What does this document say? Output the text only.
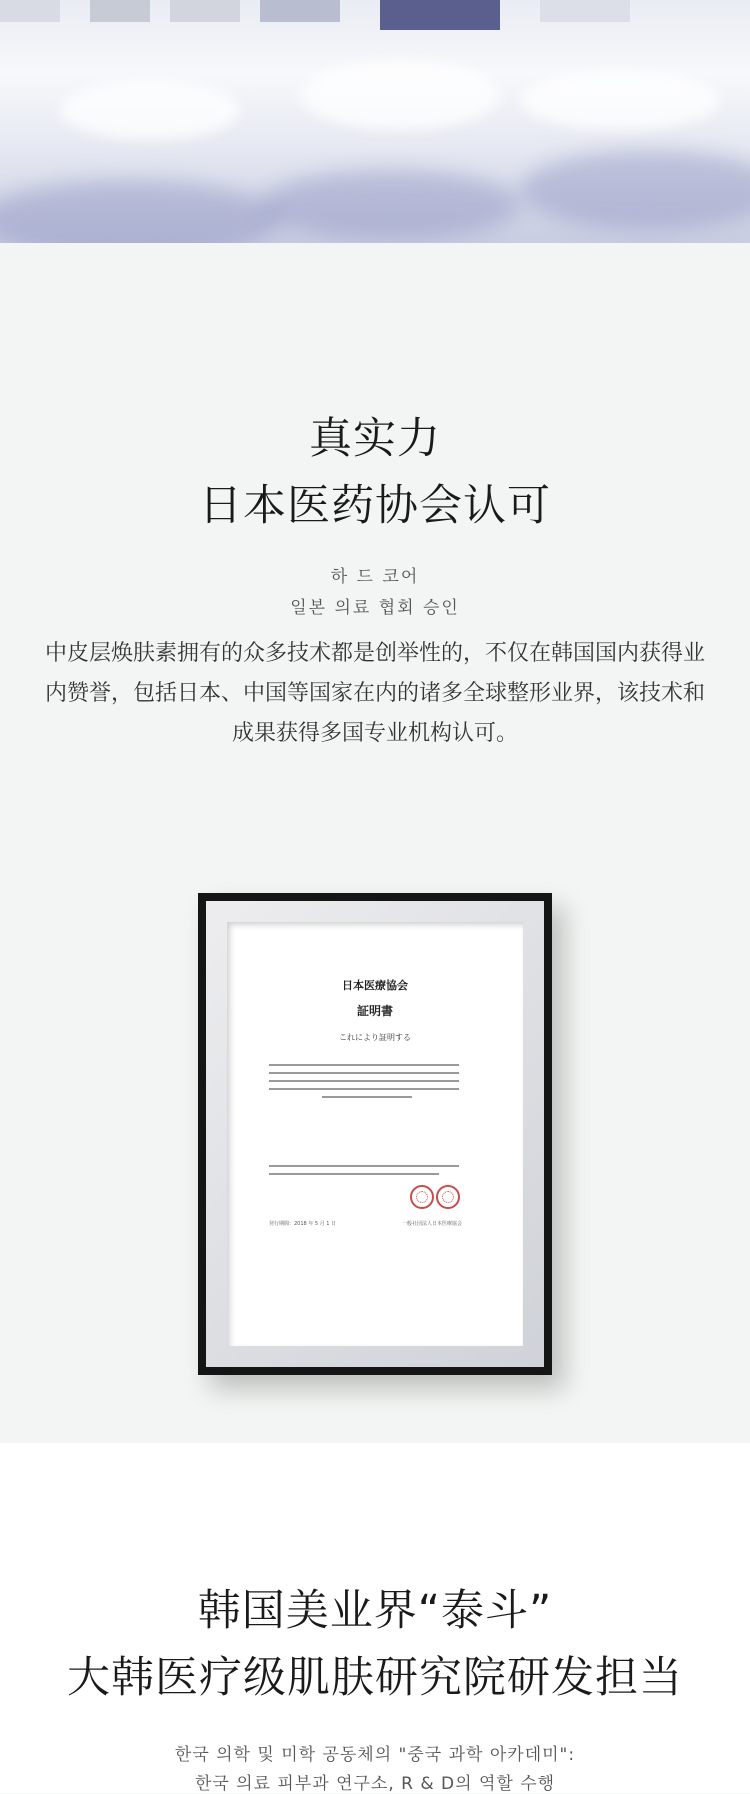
真实力
日本医药协会认可
하 드 코어
일본 의료 협회 승인

中皮层焕肤素拥有的众多技术都是创举性的，不仅在韩国国内获得业内赞誉，包括日本、中国等国家在内的诸多全球整形业界，该技术和成果获得多国专业机构认可。

日本医療協会
証明書
これにより証明する
発行期間：2018 年 5 月 1 日	一般社団法人日本医療協会
韩国美业界“泰斗”
大韩医疗级肌肤研究院研发担当
한국 의학 및 미학 공동체의 "중국 과학 아카데미":
한국 의료 피부과 연구소, R & D의 역할 수행
